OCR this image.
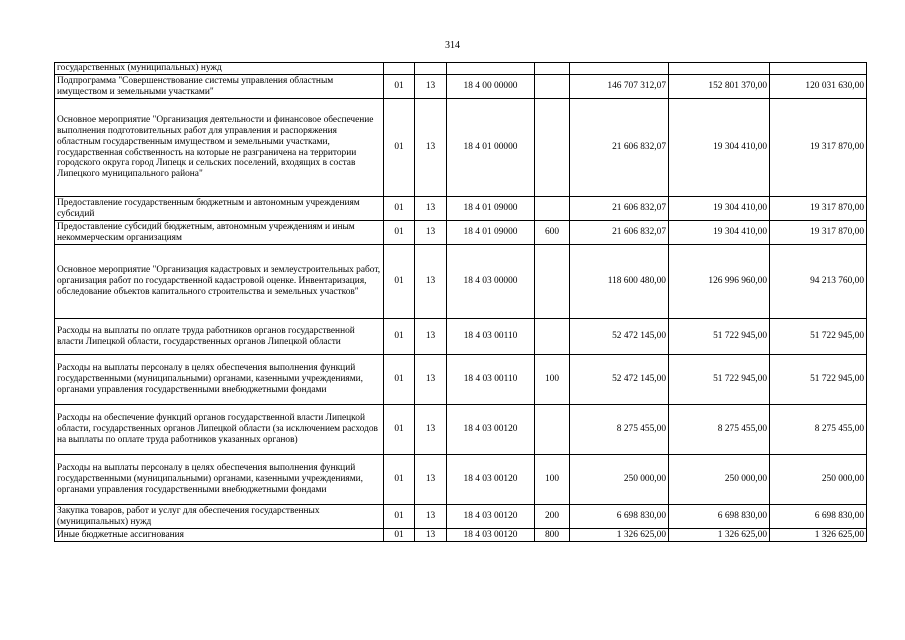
314
государственных (муниципальных) нужд							
Подпрограмма "Совершенствование системы управления областным имуществом и земельными участками"	01	13	18 4 00 00000		146 707 312,07	152 801 370,00	120 031 630,00
Основное мероприятие "Организация деятельности и финансовое обеспечение выполнения подготовительных работ для управления и распоряжения областным государственным имуществом и земельными участками, государственная собственность на которые не разграничена на территории городского округа город Липецк и сельских поселений, входящих в состав Липецкого муниципального района"	01	13	18 4 01 00000		21 606 832,07	19 304 410,00	19 317 870,00
Предоставление государственным бюджетным и автономным учреждениям субсидий	01	13	18 4 01 09000		21 606 832,07	19 304 410,00	19 317 870,00
Предоставление субсидий бюджетным, автономным учреждениям и иным некоммерческим организациям	01	13	18 4 01 09000	600	21 606 832,07	19 304 410,00	19 317 870,00
Основное мероприятие "Организация кадастровых и землеустроительных работ, организация работ по государственной кадастровой оценке. Инвентаризация, обследование объектов капитального строительства и земельных участков"	01	13	18 4 03 00000		118 600 480,00	126 996 960,00	94 213 760,00
Расходы на выплаты по оплате труда работников органов государственной власти Липецкой области, государственных органов Липецкой области	01	13	18 4 03 00110		52 472 145,00	51 722 945,00	51 722 945,00
Расходы на выплаты персоналу в целях обеспечения выполнения функций государственными (муниципальными) органами, казенными учреждениями, органами управления государственными внебюджетными фондами	01	13	18 4 03 00110	100	52 472 145,00	51 722 945,00	51 722 945,00
Расходы на обеспечение функций органов государственной власти Липецкой области, государственных органов Липецкой области (за исключением расходов на выплаты по оплате труда работников указанных органов)	01	13	18 4 03 00120		8 275 455,00	8 275 455,00	8 275 455,00
Расходы на выплаты персоналу в целях обеспечения выполнения функций государственными (муниципальными) органами, казенными учреждениями, органами управления государственными внебюджетными фондами	01	13	18 4 03 00120	100	250 000,00	250 000,00	250 000,00
Закупка товаров, работ и услуг для обеспечения государственных (муниципальных) нужд	01	13	18 4 03 00120	200	6 698 830,00	6 698 830,00	6 698 830,00
Иные бюджетные ассигнования	01	13	18 4 03 00120	800	1 326 625,00	1 326 625,00	1 326 625,00
